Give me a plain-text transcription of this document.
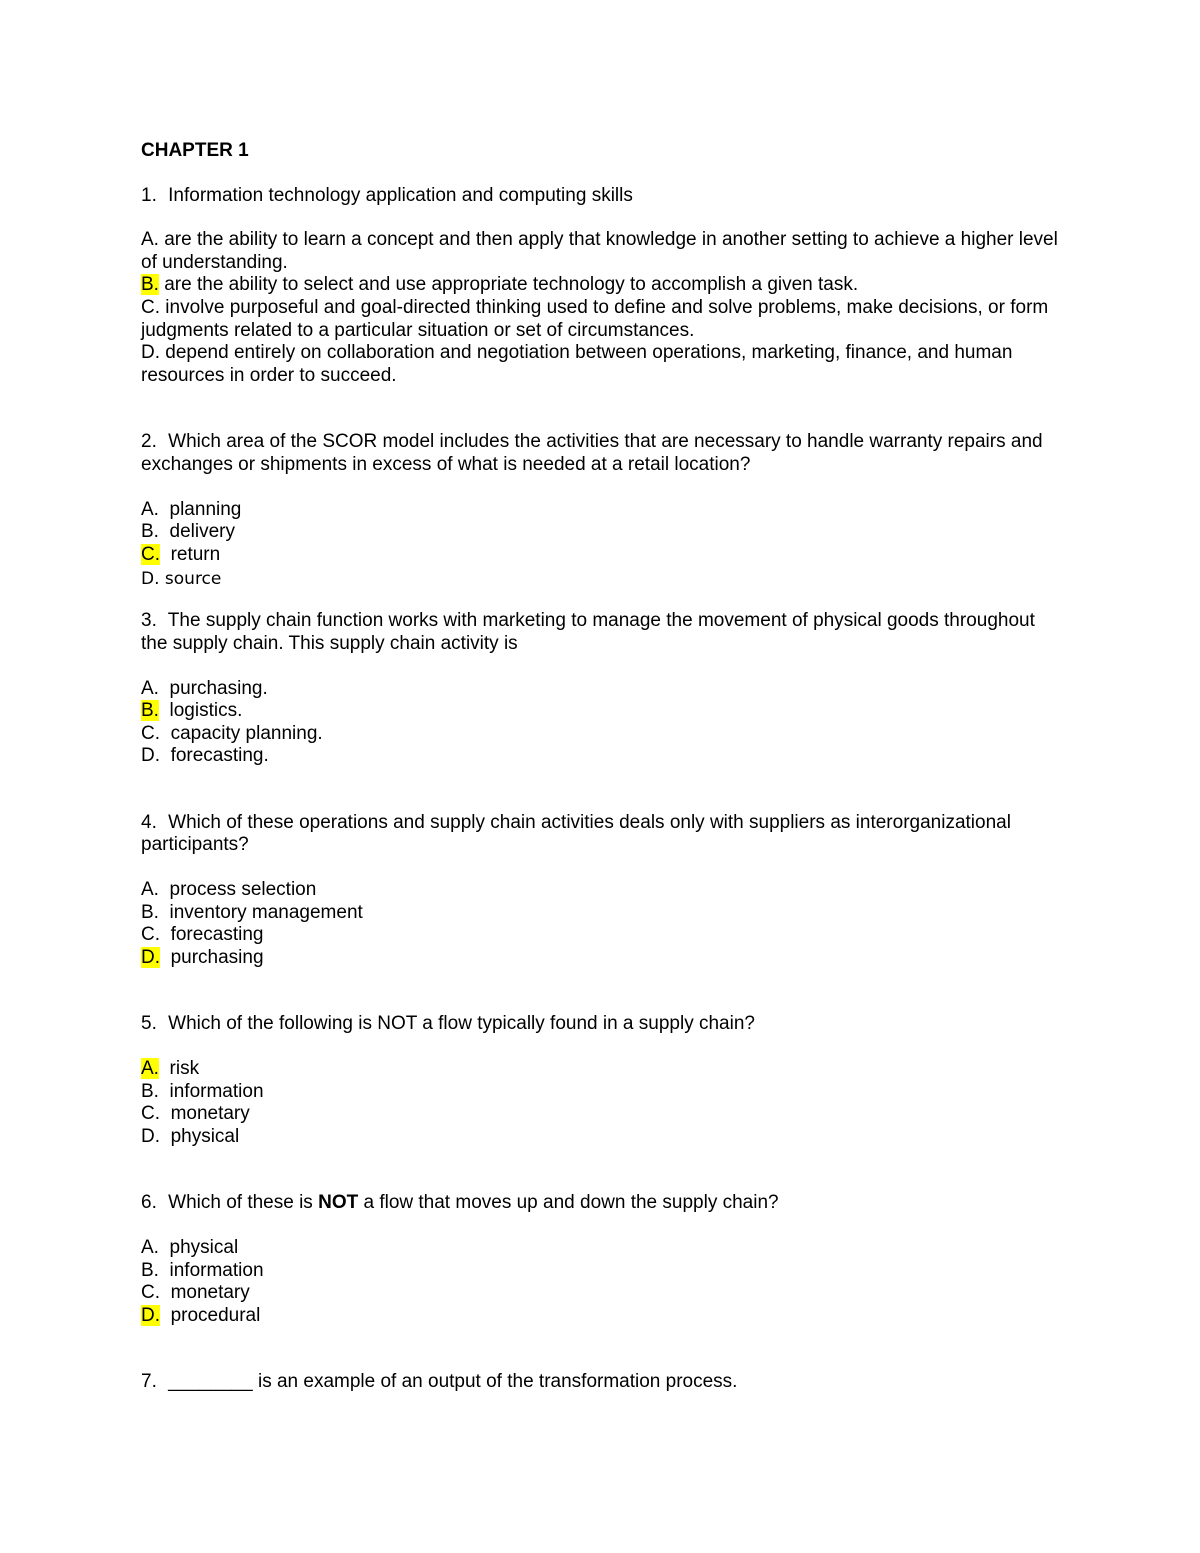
CHAPTER 1
1. Information technology application and computing skills
A. are the ability to learn a concept and then apply that knowledge in another setting to achieve a higher level of understanding.
B. are the ability to select and use appropriate technology to accomplish a given task.
C. involve purposeful and goal-directed thinking used to define and solve problems, make decisions, or form judgments related to a particular situation or set of circumstances.
D. depend entirely on collaboration and negotiation between operations, marketing, finance, and human resources in order to succeed.
2. Which area of the SCOR model includes the activities that are necessary to handle warranty repairs and exchanges or shipments in excess of what is needed at a retail location?
A. planning
B. delivery
C. return
D. source
3. The supply chain function works with marketing to manage the movement of physical goods throughout the supply chain. This supply chain activity is
A. purchasing.
B. logistics.
C. capacity planning.
D. forecasting.
4. Which of these operations and supply chain activities deals only with suppliers as interorganizational participants?
A. process selection
B. inventory management
C. forecasting
D. purchasing
5. Which of the following is NOT a flow typically found in a supply chain?
A. risk
B. information
C. monetary
D. physical
6. Which of these is NOT a flow that moves up and down the supply chain?
A. physical
B. information
C. monetary
D. procedural
7. ________ is an example of an output of the transformation process.
